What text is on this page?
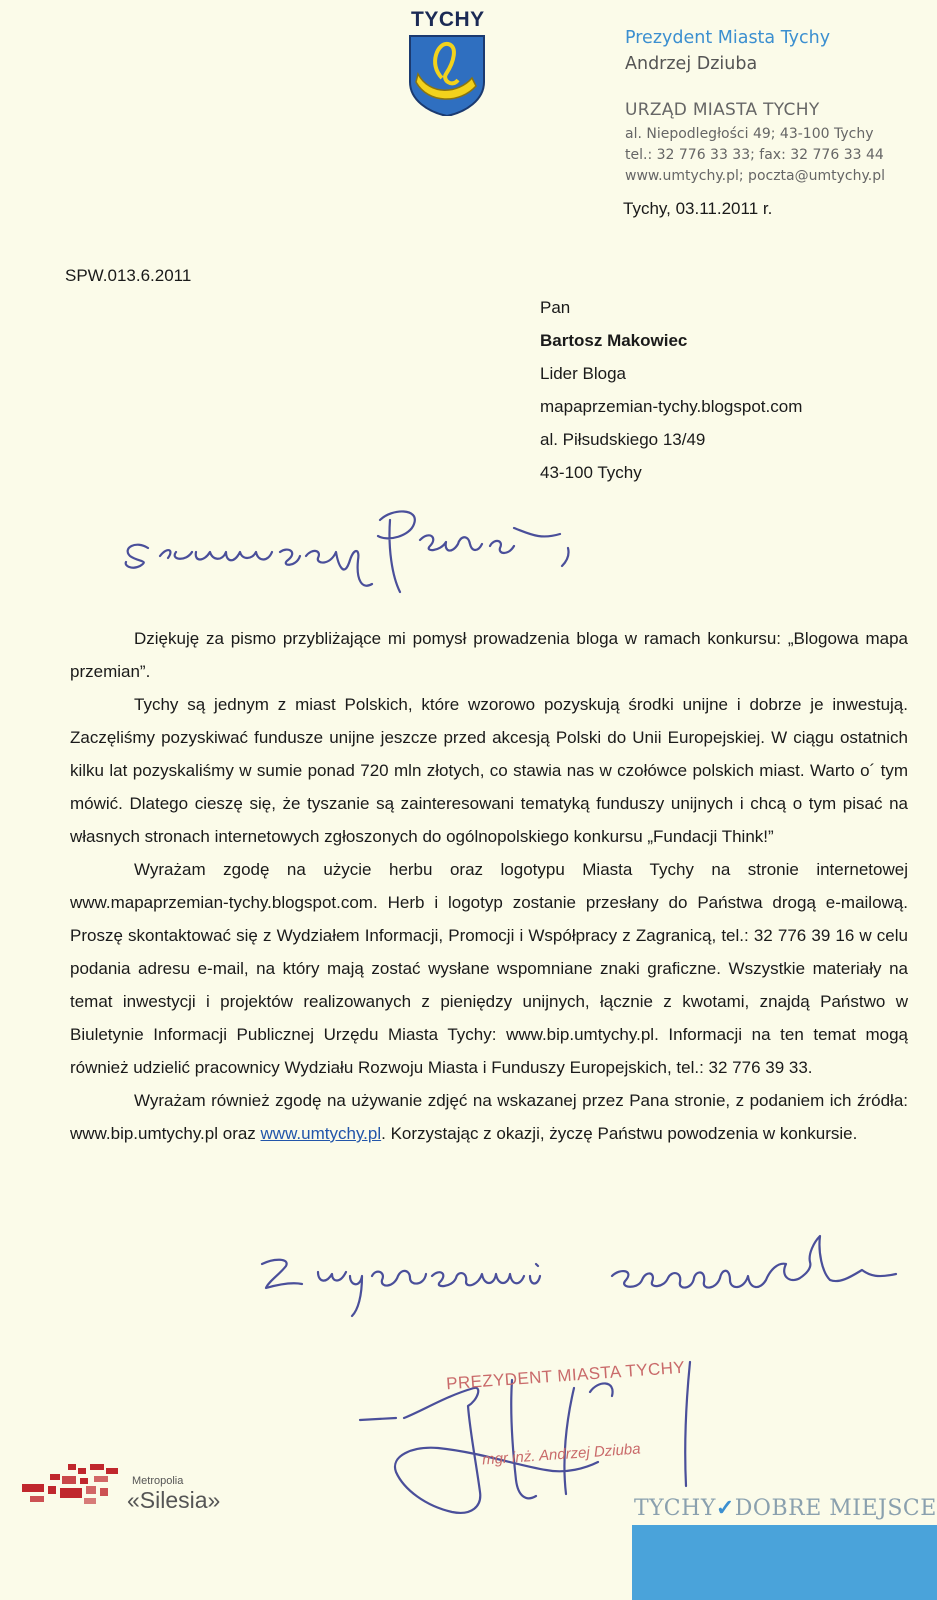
TYCHY
Prezydent Miasta Tychy
Andrzej Dziuba
URZĄD MIASTA TYCHY
al. Niepodległości 49; 43-100 Tychy
tel.: 32 776 33 33; fax: 32 776 33 44
www.umtychy.pl; poczta@umtychy.pl
Tychy, 03.11.2011 r.
SPW.013.6.2011
Pan
Bartosz Makowiec
Lider Bloga
mapaprzemian-tychy.blogspot.com
al. Piłsudskiego 13/49
43-100 Tychy

Dziękuję za pismo przybliżające mi pomysł prowadzenia bloga w ramach konkursu: „Blogowa mapa przemian”.

Tychy są jednym z miast Polskich, które wzorowo pozyskują środki unijne i dobrze je inwestują. Zaczęliśmy pozyskiwać fundusze unijne jeszcze przed akcesją Polski do Unii Europejskiej. W ciągu ostatnich kilku lat pozyskaliśmy w sumie ponad 720 mln złotych, co stawia nas w czołówce polskich miast. Warto o´ tym mówić. Dlatego cieszę się, że tyszanie są zainteresowani tematyką funduszy unijnych i chcą o tym pisać na własnych stronach internetowych zgłoszonych do ogólnopolskiego konkursu „Fundacji Think!”

Wyrażam zgodę na użycie herbu oraz logotypu Miasta Tychy na stronie internetowej www.mapaprzemian-tychy.blogspot.com. Herb i logotyp zostanie przesłany do Państwa drogą e-mailową. Proszę skontaktować się z Wydziałem Informacji, Promocji i Współpracy z Zagranicą, tel.: 32 776 39 16 w celu podania adresu e-mail, na który mają zostać wysłane wspomniane znaki graficzne. Wszystkie materiały na temat inwestycji i projektów realizowanych z pieniędzy unijnych, łącznie z kwotami, znajdą Państwo w Biuletynie Informacji Publicznej Urzędu Miasta Tychy: www.bip.umtychy.pl. Informacji na ten temat mogą również udzielić pracownicy Wydziału Rozwoju Miasta i Funduszy Europejskich, tel.: 32 776 39 33.

Wyrażam również zgodę na używanie zdjęć na wskazanej przez Pana stronie, z podaniem ich źródła: www.bip.umtychy.pl oraz www.umtychy.pl. Korzystając z okazji, życzę Państwu powodzenia w konkursie.

PREZYDENT MIASTA TYCHY
mgr inż. Andrzej Dziuba
Metropolia
«Silesia»	TYCHY✓DOBRE MIEJSCE
